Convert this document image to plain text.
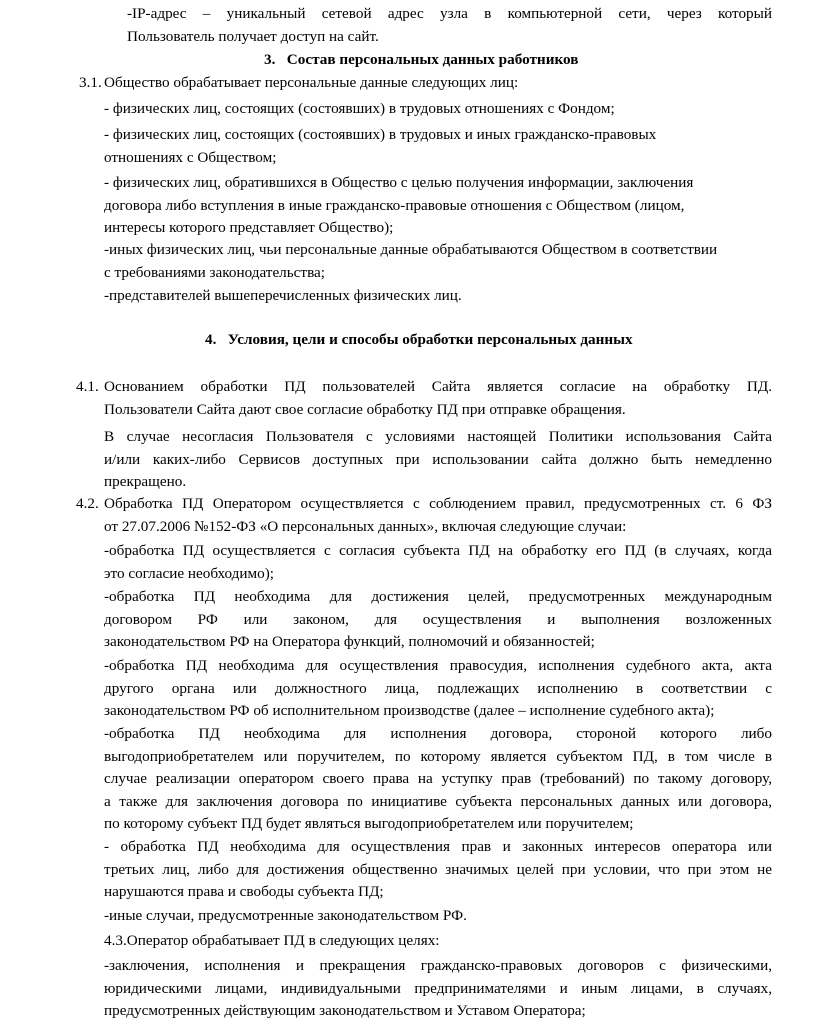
-IP-адрес – уникальный сетевой адрес узла в компьютерной сети, через который
Пользователь получает доступ на сайт.
3. Состав персональных данных работников
3.1. Общество обрабатывает персональные данные следующих лиц:
- физических лиц, состоящих (состоявших) в трудовых отношениях с Фондом;
- физических лиц, состоящих (состоявших) в трудовых и иных гражданско-правовых
отношениях с Обществом;
- физических лиц, обратившихся в Общество с целью получения информации, заключения
договора либо вступления в иные гражданско-правовые отношения с Обществом (лицом,
интересы которого представляет Общество);
-иных физических лиц, чьи персональные данные обрабатываются Обществом в соответствии
с требованиями законодательства;
-представителей вышеперечисленных физических лиц.
4. Условия, цели и способы обработки персональных данных
4.1. Основанием обработки ПД пользователей Сайта является согласие на обработку ПД.
Пользователи Сайта дают свое согласие обработку ПД при отправке обращения.
В случае несогласия Пользователя с условиями настоящей Политики использования Сайта
и/или каких-либо Сервисов доступных при использовании сайта должно быть немедленно
прекращено.
4.2. Обработка ПД Оператором осуществляется с соблюдением правил, предусмотренных ст. 6 ФЗ
от 27.07.2006 №152-ФЗ «О персональных данных», включая следующие случаи:
-обработка ПД осуществляется с согласия субъекта ПД на обработку его ПД (в случаях, когда
это согласие необходимо);
-обработка ПД необходима для достижения целей, предусмотренных международным
договором РФ или законом, для осуществления и выполнения возложенных
законодательством РФ на Оператора функций, полномочий и обязанностей;
-обработка ПД необходима для осуществления правосудия, исполнения судебного акта, акта
другого органа или должностного лица, подлежащих исполнению в соответствии с
законодательством РФ об исполнительном производстве (далее – исполнение судебного акта);
-обработка ПД необходима для исполнения договора, стороной которого либо
выгодоприобретателем или поручителем, по которому является субъектом ПД, в том числе в
случае реализации оператором своего права на уступку прав (требований) по такому договору,
а также для заключения договора по инициативе субъекта персональных данных или договора,
по которому субъект ПД будет являться выгодоприобретателем или поручителем;
- обработка ПД необходима для осуществления прав и законных интересов оператора или
третьих лиц, либо для достижения общественно значимых целей при условии, что при этом не
нарушаются права и свободы субъекта ПД;
-иные случаи, предусмотренные законодательством РФ.
4.3.Оператор обрабатывает ПД в следующих целях:
-заключения, исполнения и прекращения гражданско-правовых договоров с физическими,
юридическими лицами, индивидуальными предпринимателями и иным лицами, в случаях,
предусмотренных действующим законодательством и Уставом Оператора;
